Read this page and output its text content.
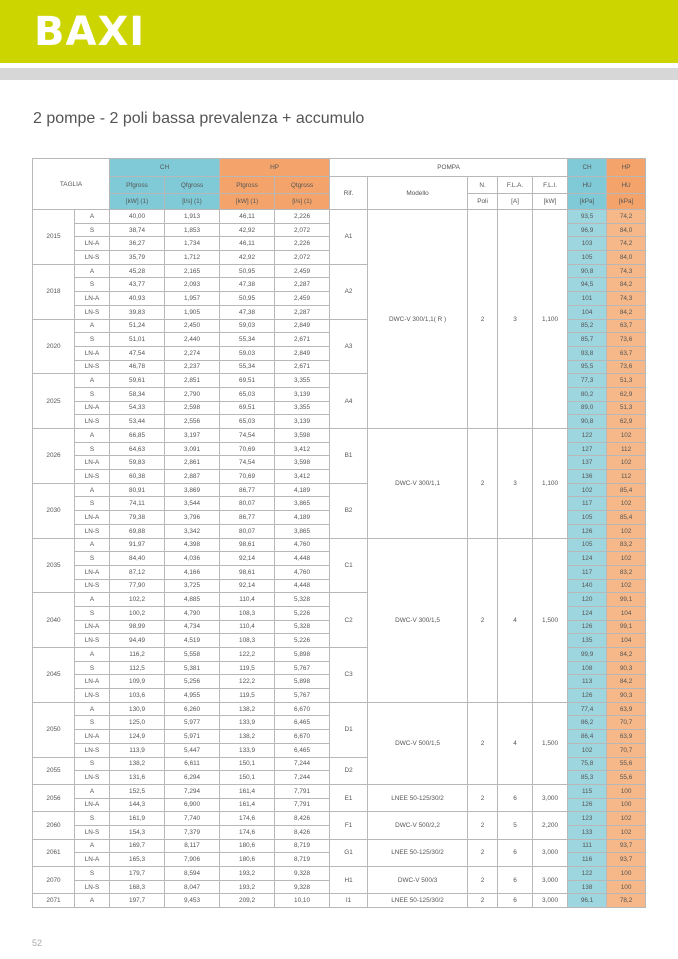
BAXI
2 pompe - 2 poli bassa prevalenza + accumulo
TAGLIA		CH		HP		POMPA					CH	HP
		Pfgross	Qfgross	Ptgross	Qtgross	Rif.	Modello	N.	F.L.A.	F.L.I.	HU	HU
		[kW] (1)	[l/s] (1)	[kW] (1)	[l/s] (1)			Poli	[A]	[kW]	[kPa]	[kPa]
2015	A	40,00	1,913	46,11	2,226	A1	DWC-V 300/1,1( R )	2	3	1,100	93,5	74,2
	S	38,74	1,853	42,92	2,072						96,9	84,0
	LN-A	36,27	1,734	46,11	2,226						103	74,2
	LN-S	35,79	1,712	42,92	2,072						105	84,0
2018	A	45,28	2,165	50,95	2,459	A2					90,8	74,3
	S	43,77	2,093	47,38	2,287						94,5	84,2
	LN-A	40,93	1,957	50,95	2,459						101	74,3
	LN-S	39,83	1,905	47,38	2,287						104	84,2
2020	A	51,24	2,450	59,03	2,849	A3					85,2	63,7
	S	51,01	2,440	55,34	2,671						85,7	73,6
	LN-A	47,54	2,274	59,03	2,849						93,8	63,7
	LN-S	46,78	2,237	55,34	2,671						95,5	73,6
2025	A	59,61	2,851	69,51	3,355	A4					77,3	51,3
	S	58,34	2,790	65,03	3,139						80,2	62,9
	LN-A	54,33	2,598	69,51	3,355						89,0	51,3
	LN-S	53,44	2,556	65,03	3,139						90,8	62,9
2026	A	66,85	3,197	74,54	3,598	B1	DWC-V 300/1,1	2	3	1,100	122	102
	S	64,63	3,091	70,69	3,412						127	112
	LN-A	59,83	2,861	74,54	3,598						137	102
	LN-S	60,38	2,887	70,69	3,412						136	112
2030	A	80,91	3,869	86,77	4,189	B2					102	85,4
	S	74,11	3,544	80,07	3,865						117	102
	LN-A	79,38	3,796	86,77	4,189						105	85,4
	LN-S	69,88	3,342	80,07	3,865						126	102
2035	A	91,97	4,398	98,61	4,760	C1	DWC-V 300/1,5	2	4	1,500	105	83,2
	S	84,40	4,036	92,14	4,448						124	102
	LN-A	87,12	4,166	98,61	4,760						117	83,2
	LN-S	77,90	3,725	92,14	4,448						140	102
2040	A	102,2	4,885	110,4	5,328	C2					120	99,1
	S	100,2	4,790	108,3	5,226						124	104
	LN-A	98,99	4,734	110,4	5,328						126	99,1
	LN-S	94,49	4,519	108,3	5,226						135	104
2045	A	116,2	5,558	122,2	5,898	C3					99,9	84,2
	S	112,5	5,381	119,5	5,767						108	90,3
	LN-A	109,9	5,256	122,2	5,898						113	84,2
	LN-S	103,6	4,955	119,5	5,767						126	90,3
2050	A	130,9	6,260	138,2	6,670	D1	DWC-V 500/1,5	2	4	1,500	77,4	63,9
	S	125,0	5,977	133,9	6,465						86,2	70,7
	LN-A	124,9	5,971	138,2	6,670						86,4	63,9
	LN-S	113,9	5,447	133,9	6,465						102	70,7
2055	S	138,2	6,611	150,1	7,244	D2					75,8	55,6
	LN-S	131,6	6,294	150,1	7,244						85,3	55,6
2056	A	152,5	7,294	161,4	7,791	E1	LNEE 50-125/30/2	2	6	3,000	115	100
	LN-A	144,3	6,900	161,4	7,791						126	100
2060	S	161,9	7,740	174,6	8,426	F1	DWC-V 500/2,2	2	5	2,200	123	102
	LN-S	154,3	7,379	174,6	8,426						133	102
2061	A	169,7	8,117	180,6	8,719	G1	LNEE 50-125/30/2	2	6	3,000	111	93,7
	LN-A	165,3	7,906	180,6	8,719						116	93,7
2070	S	179,7	8,594	193,2	9,328	H1	DWC-V 500/3	2	6	3,000	122	100
	LN-S	168,3	8,047	193,2	9,328						138	100
2071	A	197,7	9,453	209,2	10,10	I1	LNEE 50-125/30/2	2	6	3,000	96,1	78,2
52
